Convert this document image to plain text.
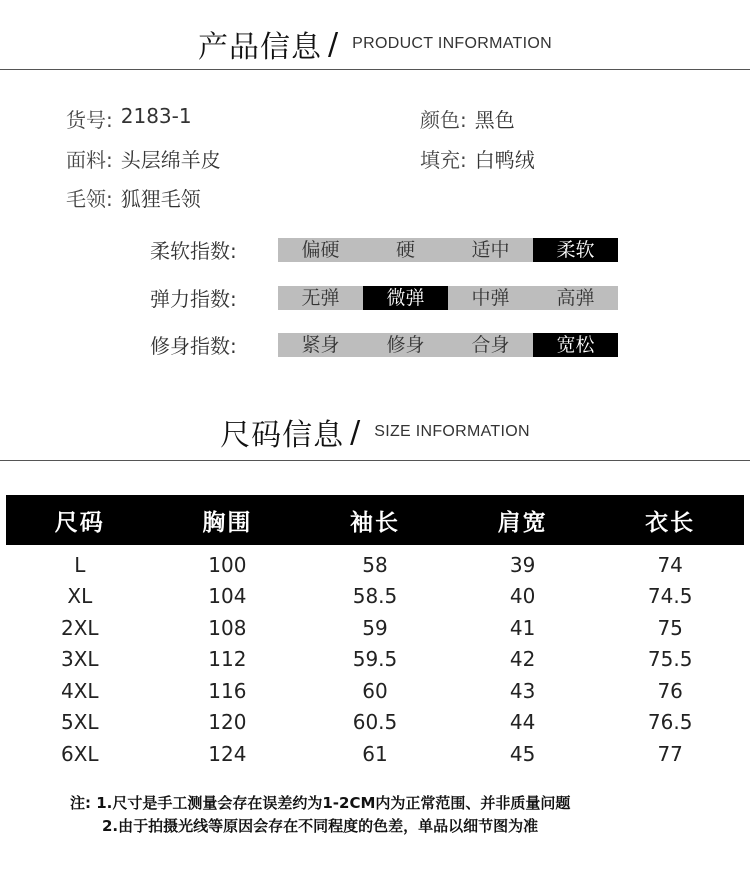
产品信息 / PRODUCT INFORMATION
货号: 2183-1	颜色: 黑色
面料: 头层绵羊皮	填充: 白鸭绒
毛领: 狐狸毛领
柔软指数:	偏硬	硬	适中	柔软
弹力指数:	无弹	微弹	中弹	高弹
修身指数:	紧身	修身	合身	宽松
尺码信息 / SIZE INFORMATION
尺码	胸围	袖长	肩宽	衣长
L	100	58	39	74
XL	104	58.5	40	74.5
2XL	108	59	41	75
3XL	112	59.5	42	75.5
4XL	116	60	43	76
5XL	120	60.5	44	76.5
6XL	124	61	45	77
注: 1.尺寸是手工测量会存在误差约为1-2CM内为正常范围、并非质量问题
2.由于拍摄光线等原因会存在不同程度的色差，单品以细节图为准
